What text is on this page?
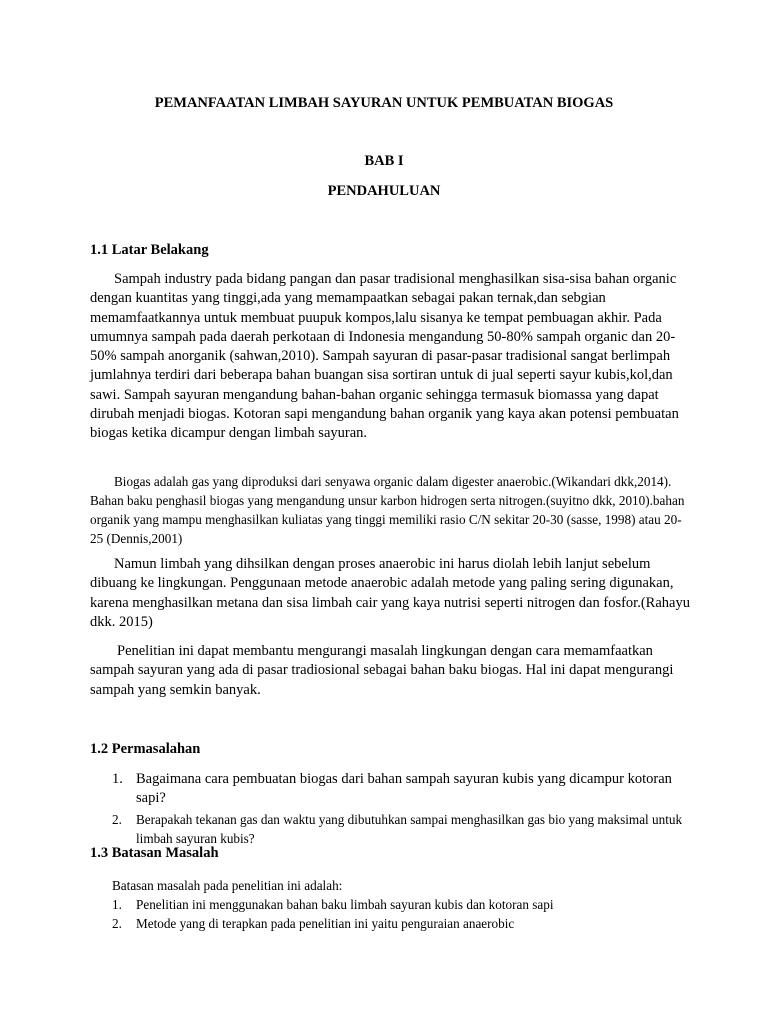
PEMANFAATAN LIMBAH SAYURAN UNTUK PEMBUATAN BIOGAS
BAB I
PENDAHULUAN
1.1 Latar Belakang

Sampah industry pada bidang pangan dan pasar tradisional menghasilkan sisa-sisa bahan organic dengan kuantitas yang tinggi,ada yang memampaatkan sebagai pakan ternak,dan sebgian memamfaatkannya untuk membuat puupuk kompos,lalu sisanya ke tempat pembuagan akhir. Pada umumnya sampah pada daerah perkotaan di Indonesia mengandung 50-80% sampah organic dan 20-50% sampah anorganik (sahwan,2010). Sampah sayuran di pasar-pasar tradisional sangat berlimpah jumlahnya terdiri dari beberapa bahan buangan sisa sortiran untuk di jual seperti sayur kubis,kol,dan sawi. Sampah sayuran mengandung bahan-bahan organic sehingga termasuk biomassa yang dapat dirubah menjadi biogas. Kotoran sapi mengandung bahan organik yang kaya akan potensi pembuatan biogas ketika dicampur dengan limbah sayuran.

Biogas adalah gas yang diproduksi dari senyawa organic dalam digester anaerobic.(Wikandari dkk,2014). Bahan baku penghasil biogas yang mengandung unsur karbon hidrogen serta nitrogen.(suyitno dkk, 2010).bahan organik yang mampu menghasilkan kuliatas yang tinggi memiliki rasio C/N sekitar 20-30 (sasse, 1998) atau 20-25 (Dennis,2001)

Namun limbah yang dihsilkan dengan proses anaerobic ini harus diolah lebih lanjut sebelum dibuang ke lingkungan. Penggunaan metode anaerobic adalah metode yang paling sering digunakan, karena menghasilkan metana dan sisa limbah cair yang kaya nutrisi seperti nitrogen dan fosfor.(Rahayu dkk. 2015)

Penelitian ini dapat membantu mengurangi masalah lingkungan dengan cara memamfaatkan sampah sayuran yang ada di pasar tradiosional sebagai bahan baku biogas. Hal ini dapat mengurangi sampah yang semkin banyak.

1.2 Permasalahan
1. Bagaimana cara pembuatan biogas dari bahan sampah sayuran kubis yang dicampur kotoran sapi?
2. Berapakah tekanan gas dan waktu yang dibutuhkan sampai menghasilkan gas bio yang maksimal untuk limbah sayuran kubis?
1.3 Batasan Masalah
Batasan masalah pada penelitian ini adalah:
1. Penelitian ini menggunakan bahan baku limbah sayuran kubis dan kotoran sapi
2. Metode yang di terapkan pada penelitian ini yaitu penguraian anaerobic
